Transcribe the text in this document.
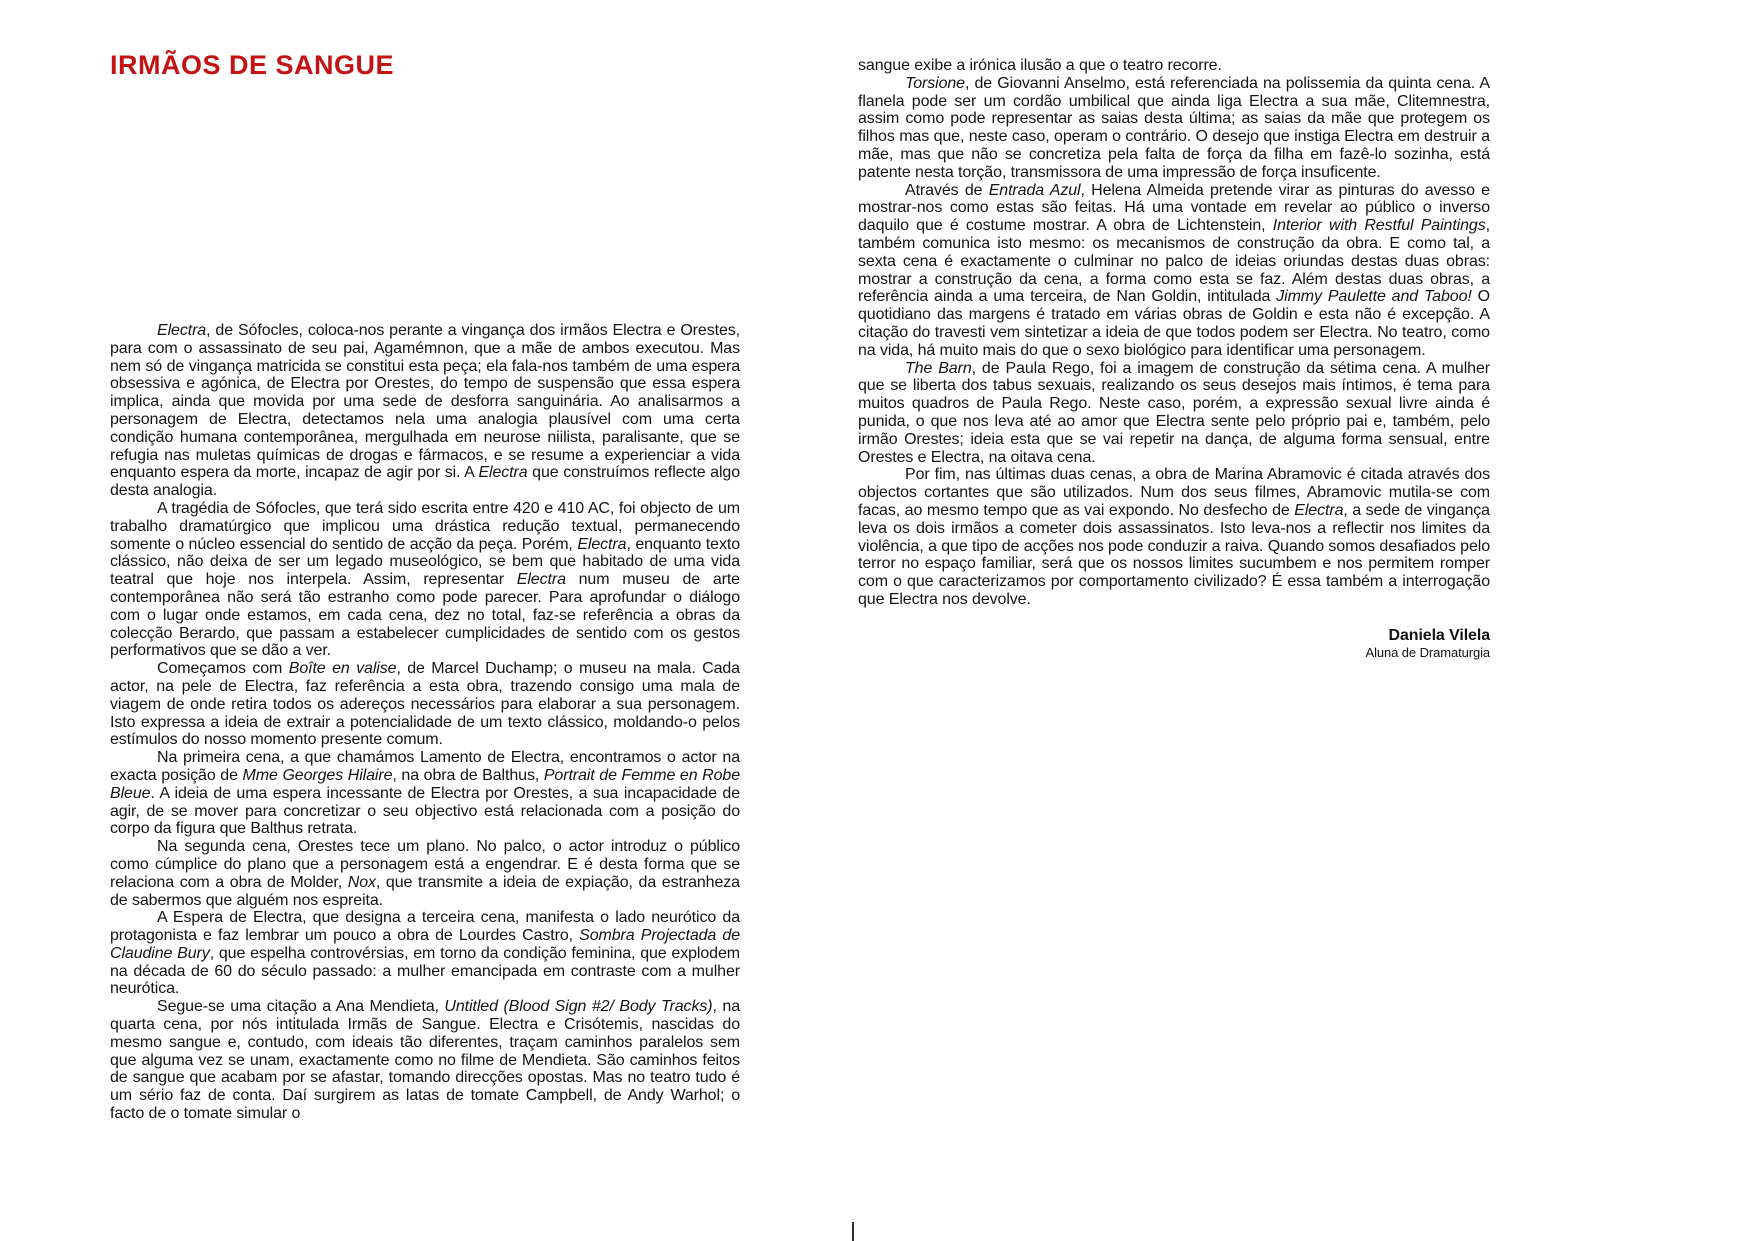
IRMÃOS DE SANGUE

Electra, de Sófocles, coloca-nos perante a vingança dos irmãos Electra e Orestes, para com o assassinato de seu pai, Agamémnon, que a mãe de ambos executou. Mas nem só de vingança matricida se constitui esta peça; ela fala-nos também de uma espera obsessiva e agónica, de Electra por Orestes, do tempo de suspensão que essa espera implica, ainda que movida por uma sede de desforra sanguinária. Ao analisarmos a personagem de Electra, detectamos nela uma analogia plausível com uma certa condição humana contemporânea, mergulhada em neurose niilista, paralisante, que se refugia nas muletas químicas de drogas e fármacos, e se resume a experienciar a vida enquanto espera da morte, incapaz de agir por si. A Electra que construímos reflecte algo desta analogia.

A tragédia de Sófocles, que terá sido escrita entre 420 e 410 AC, foi objecto de um trabalho dramatúrgico que implicou uma drástica redução textual, permanecendo somente o núcleo essencial do sentido de acção da peça. Porém, Electra, enquanto texto clássico, não deixa de ser um legado museológico, se bem que habitado de uma vida teatral que hoje nos interpela. Assim, representar Electra num museu de arte contemporânea não será tão estranho como pode parecer. Para aprofundar o diálogo com o lugar onde estamos, em cada cena, dez no total, faz-se referência a obras da colecção Berardo, que passam a estabelecer cumplicidades de sentido com os gestos performativos que se dão a ver.

Começamos com Boîte en valise, de Marcel Duchamp; o museu na mala. Cada actor, na pele de Electra, faz referência a esta obra, trazendo consigo uma mala de viagem de onde retira todos os adereços necessários para elaborar a sua personagem. Isto expressa a ideia de extrair a potencialidade de um texto clássico, moldando-o pelos estímulos do nosso momento presente comum.

Na primeira cena, a que chamámos Lamento de Electra, encontramos o actor na exacta posição de Mme Georges Hilaire, na obra de Balthus, Portrait de Femme en Robe Bleue. A ideia de uma espera incessante de Electra por Orestes, a sua incapacidade de agir, de se mover para concretizar o seu objectivo está relacionada com a posição do corpo da figura que Balthus retrata.

Na segunda cena, Orestes tece um plano. No palco, o actor introduz o público como cúmplice do plano que a personagem está a engendrar. E é desta forma que se relaciona com a obra de Molder, Nox, que transmite a ideia de expiação, da estranheza de sabermos que alguém nos espreita.

A Espera de Electra, que designa a terceira cena, manifesta o lado neurótico da protagonista e faz lembrar um pouco a obra de Lourdes Castro, Sombra Projectada de Claudine Bury, que espelha controvérsias, em torno da condição feminina, que explodem na década de 60 do século passado: a mulher emancipada em contraste com a mulher neurótica.

Segue-se uma citação a Ana Mendieta, Untitled (Blood Sign #2/ Body Tracks), na quarta cena, por nós intitulada Irmãs de Sangue. Electra e Crisótemis, nascidas do mesmo sangue e, contudo, com ideais tão diferentes, traçam caminhos paralelos sem que alguma vez se unam, exactamente como no filme de Mendieta. São caminhos feitos de sangue que acabam por se afastar, tomando direcções opostas. Mas no teatro tudo é um sério faz de conta. Daí surgirem as latas de tomate Campbell, de Andy Warhol; o facto de o tomate simular o

sangue exibe a irónica ilusão a que o teatro recorre.

Torsione, de Giovanni Anselmo, está referenciada na polissemia da quinta cena. A flanela pode ser um cordão umbilical que ainda liga Electra a sua mãe, Clitemnestra, assim como pode representar as saias desta última; as saias da mãe que protegem os filhos mas que, neste caso, operam o contrário. O desejo que instiga Electra em destruir a mãe, mas que não se concretiza pela falta de força da filha em fazê-lo sozinha, está patente nesta torção, transmissora de uma impressão de força insuficente.

Através de Entrada Azul, Helena Almeida pretende virar as pinturas do avesso e mostrar-nos como estas são feitas. Há uma vontade em revelar ao público o inverso daquilo que é costume mostrar. A obra de Lichtenstein, Interior with Restful Paintings, também comunica isto mesmo: os mecanismos de construção da obra. E como tal, a sexta cena é exactamente o culminar no palco de ideias oriundas destas duas obras: mostrar a construção da cena, a forma como esta se faz. Além destas duas obras, a referência ainda a uma terceira, de Nan Goldin, intitulada Jimmy Paulette and Taboo! O quotidiano das margens é tratado em várias obras de Goldin e esta não é excepção. A citação do travesti vem sintetizar a ideia de que todos podem ser Electra. No teatro, como na vida, há muito mais do que o sexo biológico para identificar uma personagem.

The Barn, de Paula Rego, foi a imagem de construção da sétima cena. A mulher que se liberta dos tabus sexuais, realizando os seus desejos mais íntimos, é tema para muitos quadros de Paula Rego. Neste caso, porém, a expressão sexual livre ainda é punida, o que nos leva até ao amor que Electra sente pelo próprio pai e, também, pelo irmão Orestes; ideia esta que se vai repetir na dança, de alguma forma sensual, entre Orestes e Electra, na oitava cena.

Por fim, nas últimas duas cenas, a obra de Marina Abramovic é citada através dos objectos cortantes que são utilizados. Num dos seus filmes, Abramovic mutila-se com facas, ao mesmo tempo que as vai expondo. No desfecho de Electra, a sede de vingança leva os dois irmãos a cometer dois assassinatos. Isto leva-nos a reflectir nos limites da violência, a que tipo de acções nos pode conduzir a raiva. Quando somos desafiados pelo terror no espaço familiar, será que os nossos limites sucumbem e nos permitem romper com o que caracterizamos por comportamento civilizado? É essa também a interrogação que Electra nos devolve.

Daniela Vilela
Aluna de Dramaturgia
